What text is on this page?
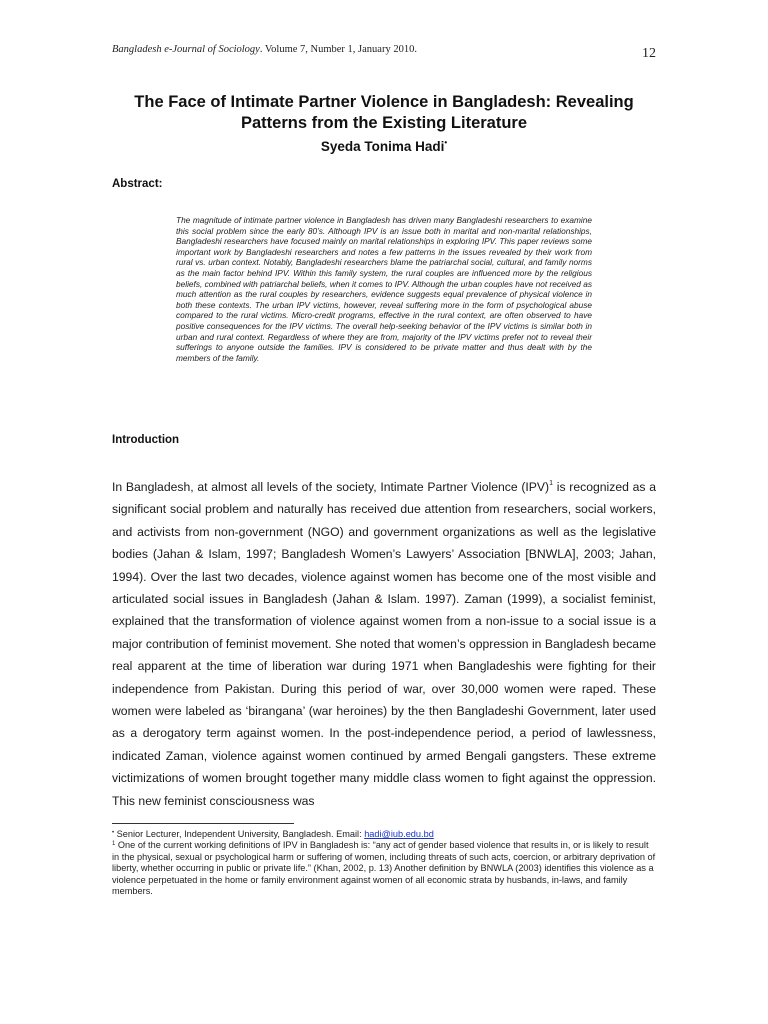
Bangladesh e-Journal of Sociology. Volume 7, Number 1, January 2010.	12
The Face of Intimate Partner Violence in Bangladesh: Revealing
Patterns from the Existing Literature
Syeda Tonima Hadi•
Abstract:
The magnitude of intimate partner violence in Bangladesh has driven many Bangladeshi researchers to examine this social problem since the early 80’s. Although IPV is an issue both in marital and non-marital relationships, Bangladeshi researchers have focused mainly on marital relationships in exploring IPV. This paper reviews some important work by Bangladeshi researchers and notes a few patterns in the issues revealed by their work from rural vs. urban context. Notably, Bangladeshi researchers blame the patriarchal social, cultural, and family norms as the main factor behind IPV. Within this family system, the rural couples are influenced more by the religious beliefs, combined with patriarchal beliefs, when it comes to IPV. Although the urban couples have not received as much attention as the rural couples by researchers, evidence suggests equal prevalence of physical violence in both these contexts. The urban IPV victims, however, reveal suffering more in the form of psychological abuse compared to the rural victims. Micro-credit programs, effective in the rural context, are often observed to have positive consequences for the IPV victims. The overall help-seeking behavior of the IPV victims is similar both in urban and rural context. Regardless of where they are from, majority of the IPV victims prefer not to reveal their sufferings to anyone outside the families. IPV is considered to be private matter and thus dealt with by the members of the family.
Introduction
In Bangladesh, at almost all levels of the society, Intimate Partner Violence (IPV)$^1$ is recognized as a significant social problem and naturally has received due attention from researchers, social workers, and activists from non-government (NGO) and government organizations as well as the legislative bodies (Jahan & Islam, 1997; Bangladesh Women’s Lawyers’ Association [BNWLA], 2003; Jahan, 1994). Over the last two decades, violence against women has become one of the most visible and articulated social issues in Bangladesh (Jahan & Islam. 1997). Zaman (1999), a socialist feminist, explained that the transformation of violence against women from a non-issue to a social issue is a major contribution of feminist movement. She noted that women’s oppression in Bangladesh became real apparent at the time of liberation war during 1971 when Bangladeshis were fighting for their independence from Pakistan. During this period of war, over 30,000 women were raped. These women were labeled as ‘birangana’ (war heroines) by the then Bangladeshi Government, later used as a derogatory term against women. In the post-independence period, a period of lawlessness, indicated Zaman, violence against women continued by armed Bengali gangsters. These extreme victimizations of women brought together many middle class women to fight against the oppression. This new feminist consciousness was

• Senior Lecturer, Independent University, Bangladesh. Email: hadi@iub.edu.bd

$^1$ One of the current working definitions of IPV in Bangladesh is: “any act of gender based violence that results in, or is likely to result in the physical, sexual or psychological harm or suffering of women, including threats of such acts, coercion, or arbitrary deprivation of liberty, whether occurring in public or private life.” (Khan, 2002, p. 13) Another definition by BNWLA (2003) identifies this violence as a violence perpetuated in the home or family environment against women of all economic strata by husbands, in-laws, and family members.
